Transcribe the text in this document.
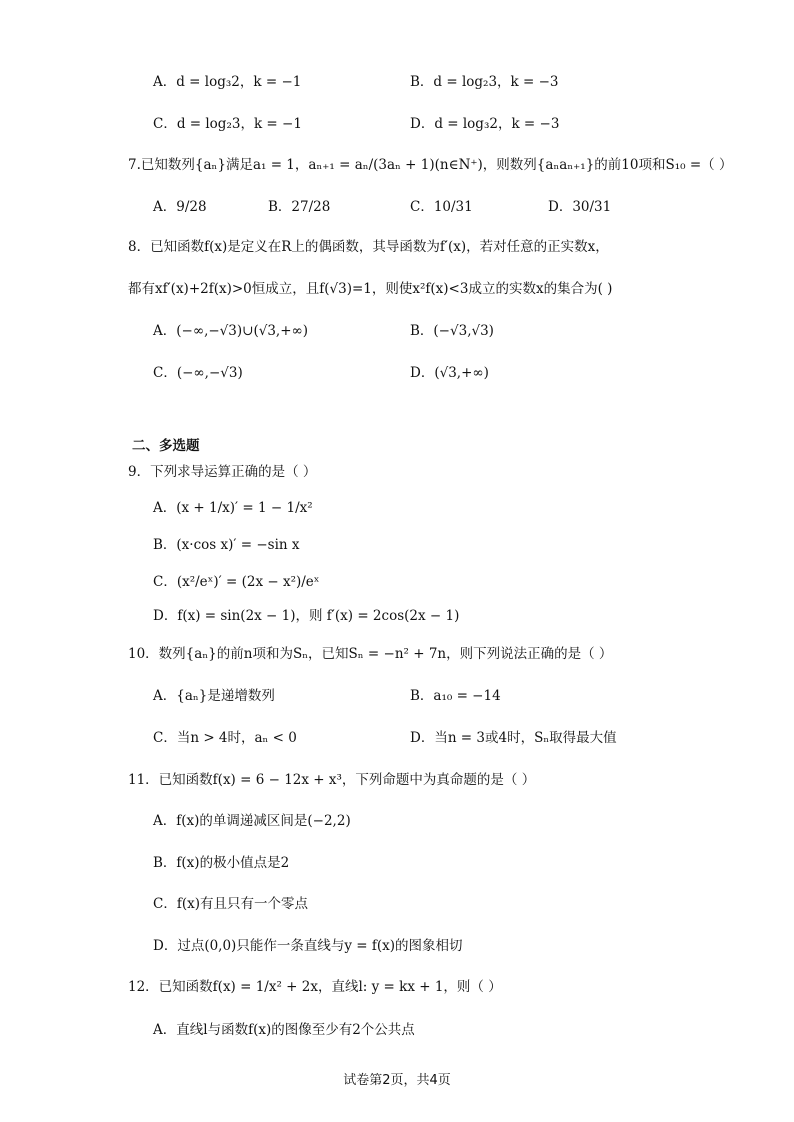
A．d = log₃2，k = −1	B．d = log₂3，k = −3
C．d = log₂3，k = −1	D．d = log₃2，k = −3
7.已知数列{aₙ}满足a₁ = 1，aₙ₊₁ = aₙ/(3aₙ + 1)(n∈N⁺)，则数列{aₙaₙ₊₁}的前10项和S₁₀ =（ ）
A．9/28	B．27/28	C．10/31	D．30/31
8．已知函数f(x)是定义在R上的偶函数，其导函数为f′(x)，若对任意的正实数x，
都有xf′(x)+2f(x)>0恒成立，且f(√3)=1，则使x²f(x)<3成立的实数x的集合为( )
A．(−∞,−√3)∪(√3,+∞)	B．(−√3,√3)
C．(−∞,−√3)	D．(√3,+∞)
二、多选题
9．下列求导运算正确的是（ ）
A．(x + 1/x)′ = 1 − 1/x²
B．(x·cos x)′ = −sin x
C．(x²/eˣ)′ = (2x − x²)/eˣ
D．f(x) = sin(2x − 1)，则 f′(x) = 2cos(2x − 1)
10．数列{aₙ}的前n项和为Sₙ，已知Sₙ = −n² + 7n，则下列说法正确的是（ ）
A．{aₙ}是递增数列	B．a₁₀ = −14
C．当n > 4时，aₙ < 0	D．当n = 3或4时，Sₙ取得最大值
11．已知函数f(x) = 6 − 12x + x³，下列命题中为真命题的是（ ）
A．f(x)的单调递减区间是(−2,2)
B．f(x)的极小值点是2
C．f(x)有且只有一个零点
D．过点(0,0)只能作一条直线与y = f(x)的图象相切
12．已知函数f(x) = 1/x² + 2x，直线l: y = kx + 1，则（ ）
A．直线l与函数f(x)的图像至少有2个公共点
试卷第2页，共4页
